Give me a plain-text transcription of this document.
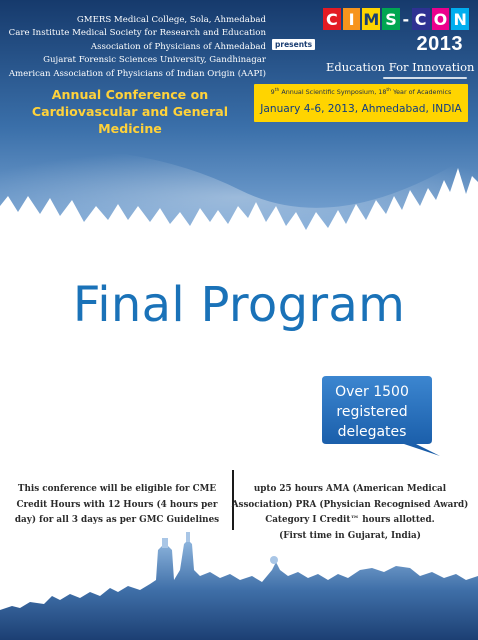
GMERS Medical College, Sola, Ahmedabad
Care Institute Medical Society for Research and Education
Association of Physicians of Ahmedabad
Gujarat Forensic Sciences University, Gandhinagar
American Association of Physicians of Indian Origin (AAPI)
presents
C I M S - C O N
2013
Education For Innovation
Annual Conference on
Cardiovascular and General Medicine
9th Annual Scientific Symposium, 18th Year of Academics
January 4-6, 2013, Ahmedabad, INDIA
Final Program
Over 1500
registered
delegates
This conference will be eligible for CME
Credit Hours with 12 Hours (4 hours per
day) for all 3 days as per GMC Guidelines
upto 25 hours AMA (American Medical
Association) PRA (Physician Recognised Award)
Category I Credit™ hours allotted.
(First time in Gujarat, India)
